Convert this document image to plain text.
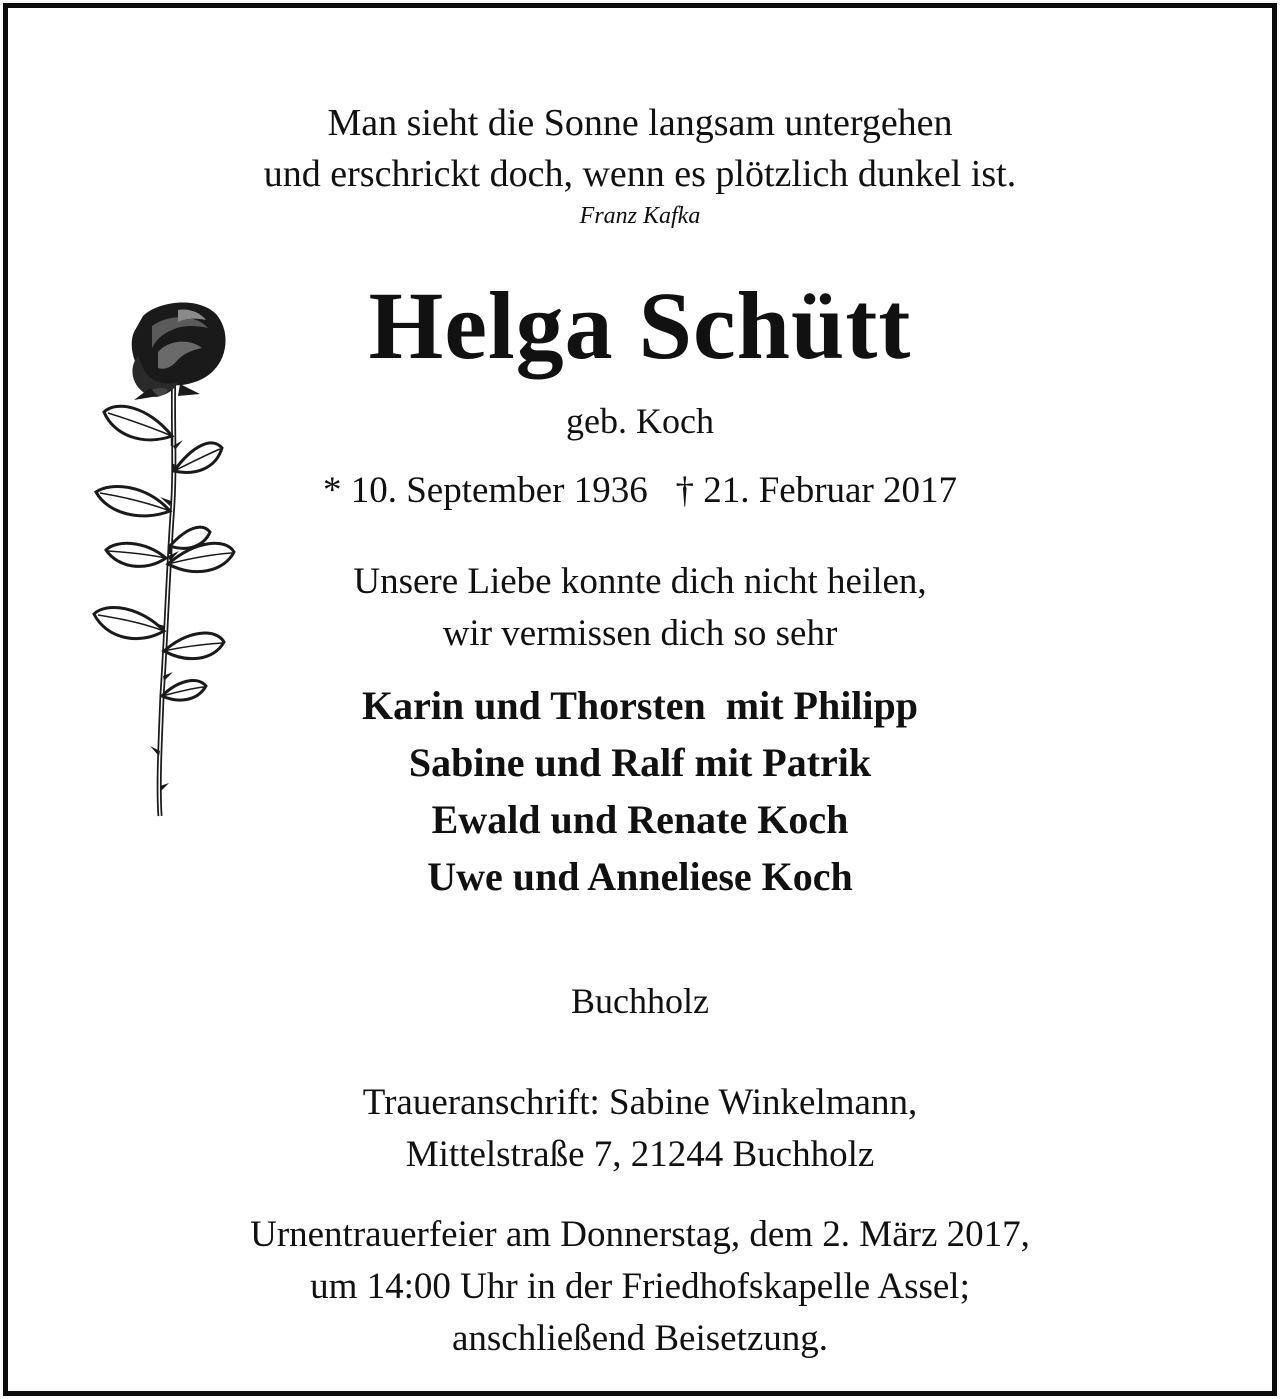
Man sieht die Sonne langsam untergehen
und erschrickt doch, wenn es plötzlich dunkel ist.
Franz Kafka
Helga Schütt
geb. Koch
* 10. September 1936   † 21. Februar 2017
Unsere Liebe konnte dich nicht heilen,
wir vermissen dich so sehr
Karin und Thorsten  mit Philipp
Sabine und Ralf mit Patrik
Ewald und Renate Koch
Uwe und Anneliese Koch
Buchholz
Traueranschrift: Sabine Winkelmann,
Mittelstraße 7, 21244 Buchholz
Urnentrauerfeier am Donnerstag, dem 2. März 2017,
um 14:00 Uhr in der Friedhofskapelle Assel;
anschließend Beisetzung.
